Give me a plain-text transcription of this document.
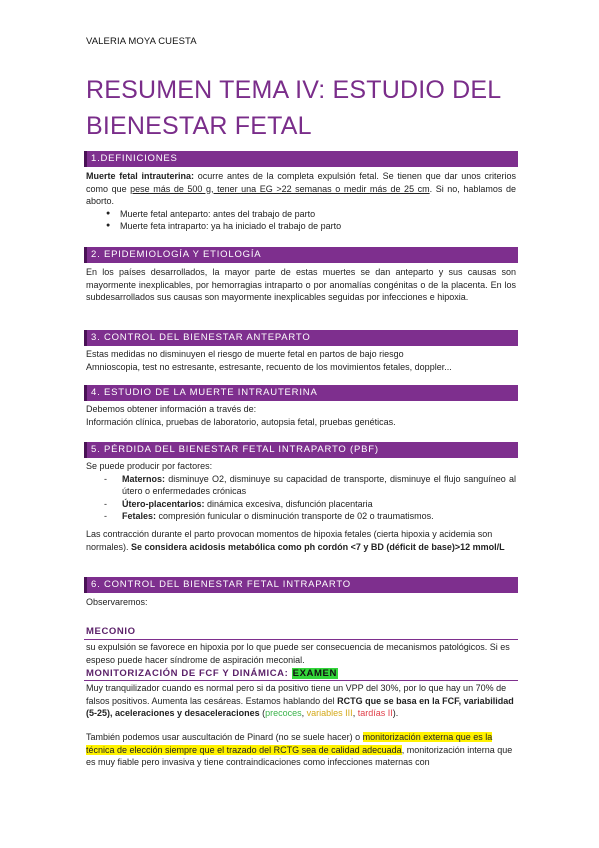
VALERIA MOYA CUESTA
RESUMEN TEMA IV: ESTUDIO DEL BIENESTAR FETAL
1.DEFINICIONES
Muerte fetal intrauterina: ocurre antes de la completa expulsión fetal. Se tienen que dar unos criterios como que pese más de 500 g, tener una EG >22 semanas o medir más de 25 cm. Si no, hablamos de aborto.
● Muerte fetal anteparto: antes del trabajo de parto
● Muerte feta intraparto: ya ha iniciado el trabajo de parto
2. EPIDEMIOLOGÍA Y ETIOLOGÍA
En los países desarrollados, la mayor parte de estas muertes se dan anteparto y sus causas son mayormente inexplicables, por hemorragias intraparto o por anomalías congénitas o de la placenta. En los subdesarrollados sus causas son mayormente inexplicables seguidas por infecciones e hipoxia.
3. CONTROL DEL BIENESTAR ANTEPARTO
Estas medidas no disminuyen el riesgo de muerte fetal en partos de bajo riesgo
Amnioscopia, test no estresante, estresante, recuento de los movimientos fetales, doppler...
4. ESTUDIO DE LA MUERTE INTRAUTERINA
Debemos obtener información a través de:
Información clínica, pruebas de laboratorio, autopsia fetal, pruebas genéticas.
5. PÉRDIDA DEL BIENESTAR FETAL INTRAPARTO (PBF)
Se puede producir por factores:
- Maternos: disminuye O2, disminuye su capacidad de transporte, disminuye el flujo sanguíneo al útero o enfermedades crónicas
- Útero-placentarios: dinámica excesiva, disfunción placentaria
- Fetales: compresión funicular o disminución transporte de 02 o traumatismos.
Las contracción durante el parto provocan momentos de hipoxia fetales (cierta hipoxia y acidemia son normales). Se considera acidosis metabólica como ph cordón <7 y BD (déficit de base)>12 mmol/L
6. CONTROL DEL BIENESTAR FETAL INTRAPARTO
Observaremos:
MECONIO
su expulsión se favorece en hipoxia por lo que puede ser consecuencia de mecanismos patológicos. Si es espeso puede hacer síndrome de aspiración meconial.
MONITORIZACIÓN DE FCF Y DINÁMICA: EXAMEN
Muy tranquilizador cuando es normal pero si da positivo tiene un VPP del 30%, por lo que hay un 70% de falsos positivos. Aumenta las cesáreas. Estamos hablando del RCTG que se basa en la FCF, variabilidad (5-25), aceleraciones y desaceleraciones (precoces, variables III, tardías II).
También podemos usar auscultación de Pinard (no se suele hacer) o monitorización externa que es la técnica de elección siempre que el trazado del RCTG sea de calidad adecuada, monitorización interna que es muy fiable pero invasiva y tiene contraindicaciones como infecciones maternas con
